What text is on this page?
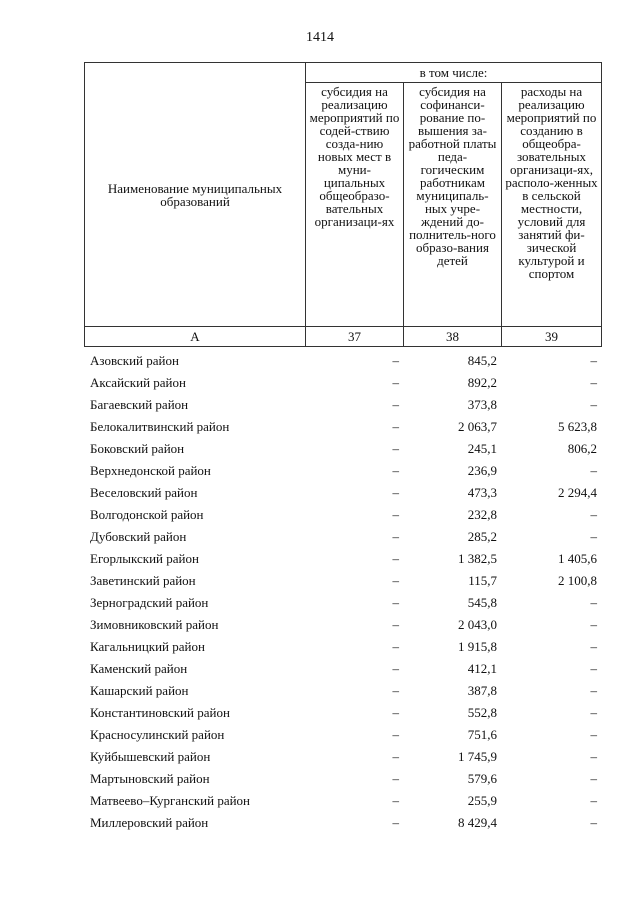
1414
Наименование муниципальных образований	в том числе:		
	субсидия на реализацию мероприятий по содей-ствию созда-нию новых мест в муни-ципальных общеобразо-вательных организаци-ях	субсидия на софинанси-рование по-вышения за-работной платы педа-гогическим работникам муниципаль-ных учре-ждений до-полнитель-ного образо-вания детей	расходы на реализацию мероприятий по созданию в общеобра-зовательных организаци-ях, располо-женных в сельской местности, условий для занятий фи-зической культурой и спортом
А	37	38	39
Азовский район	–	845,2	–
Аксайский район	–	892,2	–
Багаевский район	–	373,8	–
Белокалитвинский район	–	2 063,7	5 623,8
Боковский район	–	245,1	806,2
Верхнедонской район	–	236,9	–
Веселовский район	–	473,3	2 294,4
Волгодонской район	–	232,8	–
Дубовский район	–	285,2	–
Егорлыкский район	–	1 382,5	1 405,6
Заветинский район	–	115,7	2 100,8
Зерноградский район	–	545,8	–
Зимовниковский район	–	2 043,0	–
Кагальницкий район	–	1 915,8	–
Каменский район	–	412,1	–
Кашарский район	–	387,8	–
Константиновский район	–	552,8	–
Красносулинский район	–	751,6	–
Куйбышевский район	–	1 745,9	–
Мартыновский район	–	579,6	–
Матвеево–Курганский район	–	255,9	–
Миллеровский район	–	8 429,4	–
